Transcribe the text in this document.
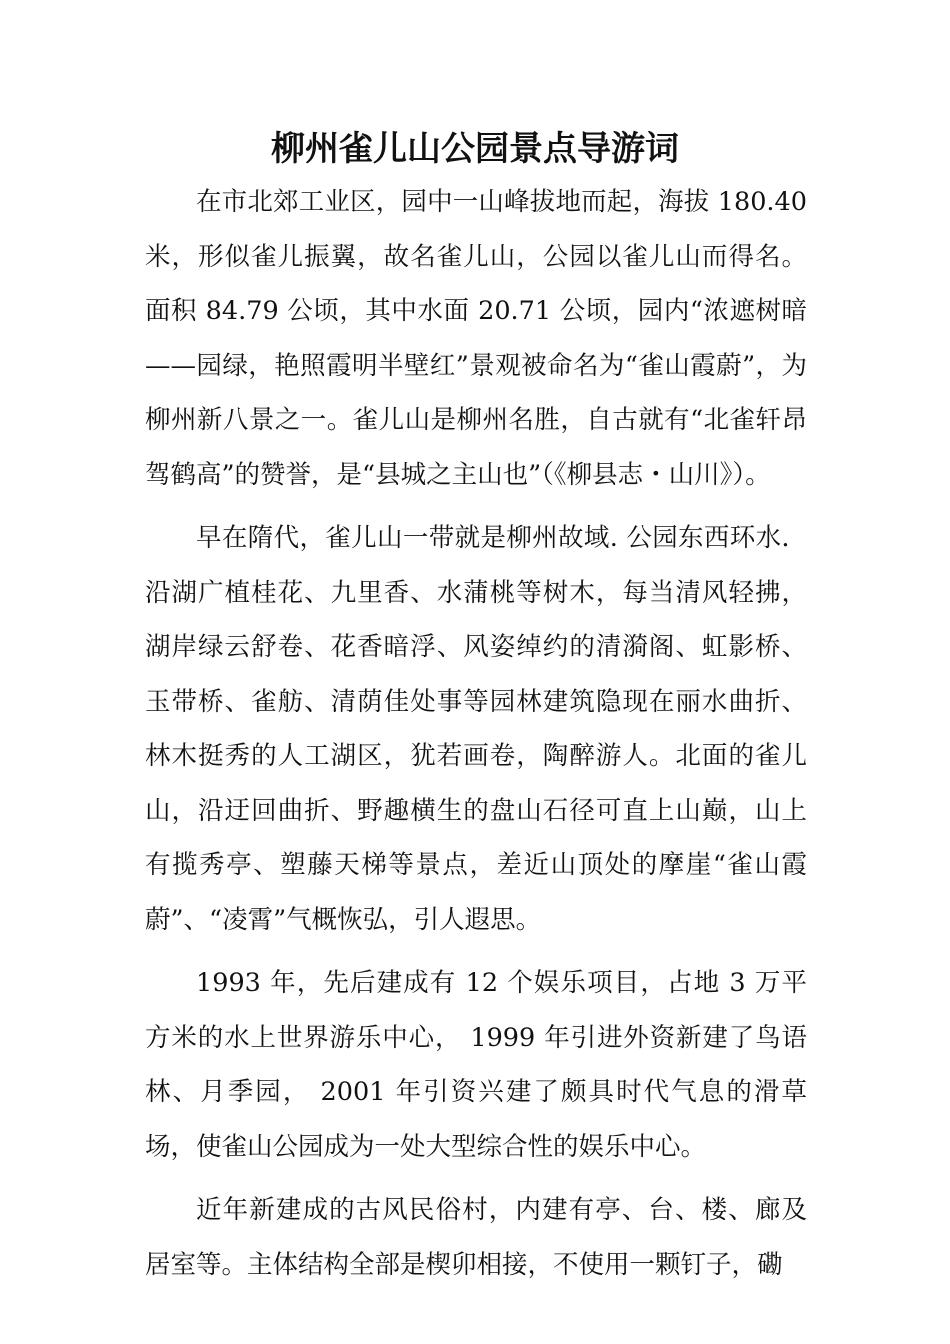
柳州雀儿山公园景点导游词

在市北郊工业区，园中一山峰拔地而起，海拔 180.40 米，形似雀儿振翼，故名雀儿山，公园以雀儿山而得名。面积 84.79 公顷，其中水面 20.71 公顷，园内“浓遮树暗——园绿，艳照霞明半壁红”景观被命名为“雀山霞蔚”，为柳州新八景之一。雀儿山是柳州名胜，自古就有“北雀轩昂驾鹤高”的赞誉，是“县城之主山也”（《柳县志・山川》）。

早在隋代，雀儿山一带就是柳州故域. 公园东西环水．沿湖广植桂花、九里香、水蒲桃等树木，每当清风轻拂，湖岸绿云舒卷、花香暗浮、风姿绰约的清漪阁、虹影桥、玉带桥、雀舫、清荫佳处事等园林建筑隐现在丽水曲折、林木挺秀的人工湖区，犹若画卷，陶醉游人。北面的雀儿山，沿迂回曲折、野趣横生的盘山石径可直上山巅，山上有揽秀亭、塑藤天梯等景点，差近山顶处的摩崖“雀山霞蔚”、“凌霄”气概恢弘，引人遐思。

1993 年，先后建成有 12 个娱乐项目，占地 3 万平方米的水上世界游乐中心， 1999 年引进外资新建了鸟语林、月季园， 2001 年引资兴建了颇具时代气息的滑草场，使雀山公园成为一处大型综合性的娱乐中心。

近年新建成的古风民俗村，内建有亭、台、楼、廊及居室等。主体结构全部是楔卯相接，不使用一颗钉子，磡
